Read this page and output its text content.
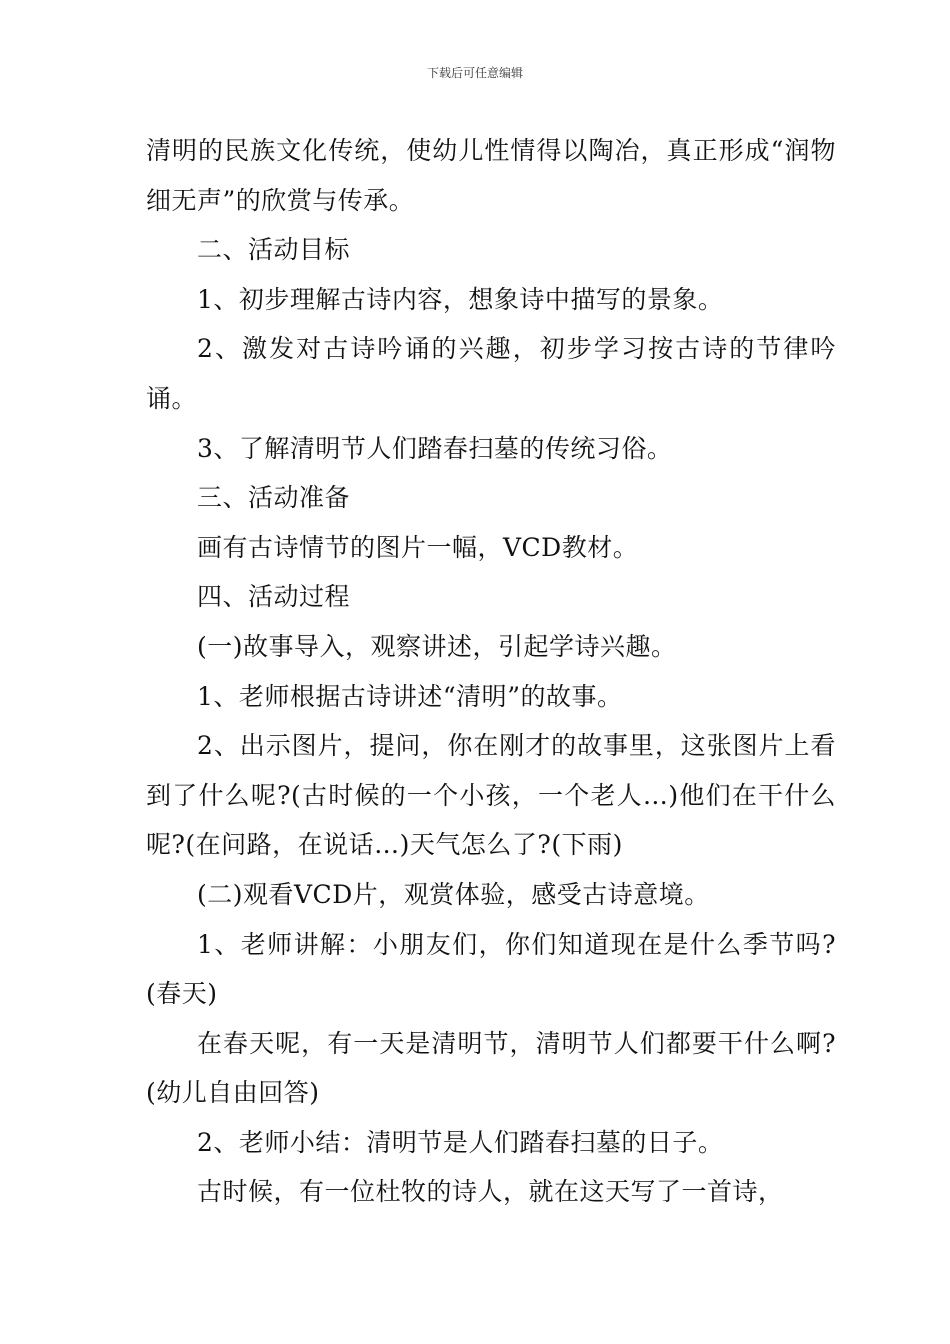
下载后可任意编辑

清明的民族文化传统，使幼儿性情得以陶冶，真正形成“润物细无声”的欣赏与传承。

二、活动目标

1、初步理解古诗内容，想象诗中描写的景象。

2、激发对古诗吟诵的兴趣，初步学习按古诗的节律吟诵。

3、了解清明节人们踏春扫墓的传统习俗。

三、活动准备

画有古诗情节的图片一幅，VCD教材。

四、活动过程

(一)故事导入，观察讲述，引起学诗兴趣。

1、老师根据古诗讲述“清明”的故事。

2、出示图片，提问，你在刚才的故事里，这张图片上看到了什么呢?(古时候的一个小孩，一个老人…)他们在干什么呢?(在问路，在说话…)天气怎么了?(下雨)

(二)观看VCD片，观赏体验，感受古诗意境。

1、老师讲解：小朋友们，你们知道现在是什么季节吗?(春天)

在春天呢，有一天是清明节，清明节人们都要干什么啊?(幼儿自由回答)

2、老师小结：清明节是人们踏春扫墓的日子。

古时候，有一位杜牧的诗人，就在这天写了一首诗，
